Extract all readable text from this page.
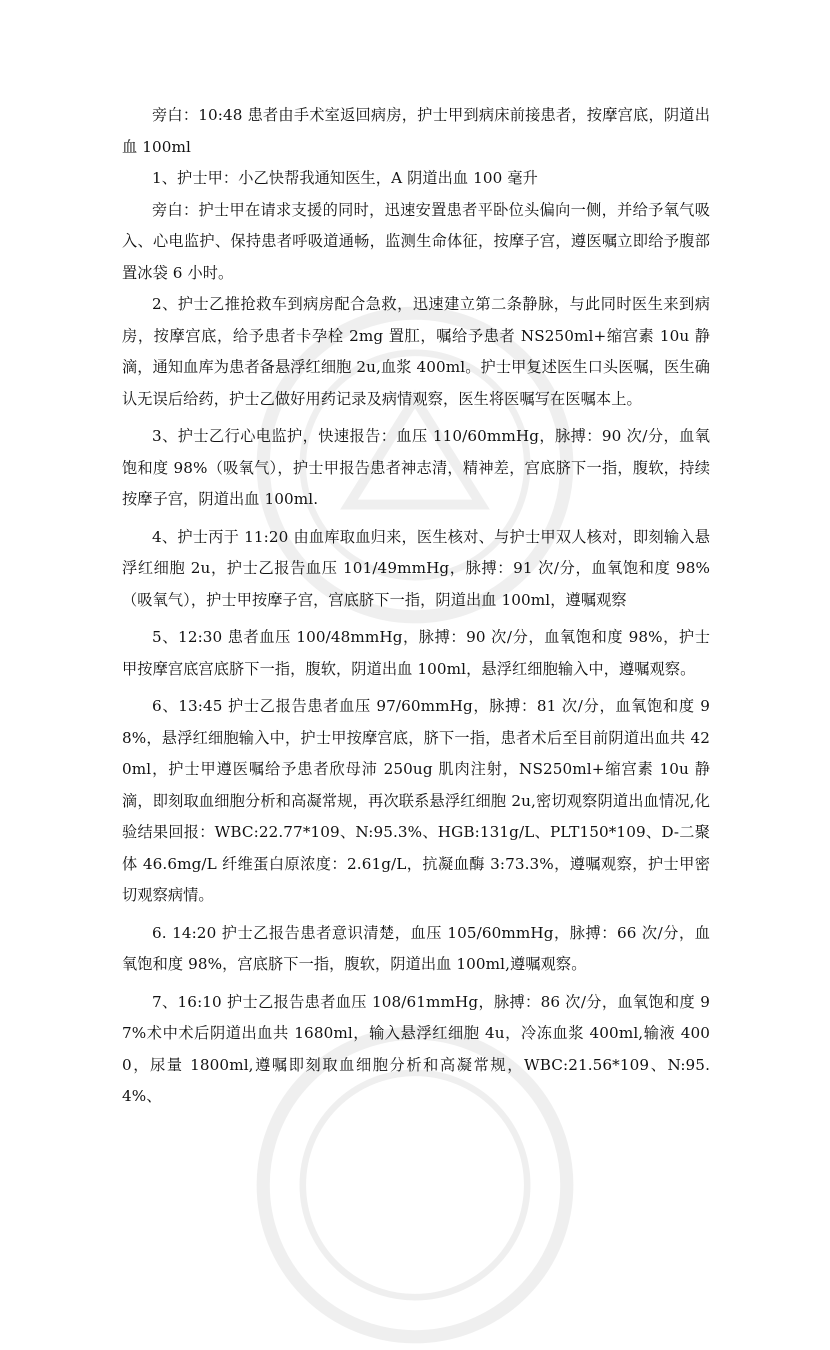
旁白：10:48 患者由手术室返回病房，护士甲到病床前接患者，按摩宫底，阴道出血 100ml

1、护士甲：小乙快帮我通知医生，A 阴道出血 100 毫升

旁白：护士甲在请求支援的同时，迅速安置患者平卧位头偏向一侧，并给予氧气吸入、心电监护、保持患者呼吸道通畅，监测生命体征，按摩子宫，遵医嘱立即给予腹部置冰袋 6 小时。

2、护士乙推抢救车到病房配合急救，迅速建立第二条静脉，与此同时医生来到病房，按摩宫底，给予患者卡孕栓 2mg 置肛，嘱给予患者 NS250ml+缩宫素 10u 静滴，通知血库为患者备悬浮红细胞 2u,血浆 400ml。护士甲复述医生口头医嘱，医生确认无误后给药，护士乙做好用药记录及病情观察，医生将医嘱写在医嘱本上。

3、护士乙行心电监护，快速报告：血压 110/60mmHg，脉搏：90 次/分，血氧饱和度 98%（吸氧气），护士甲报告患者神志清，精神差，宫底脐下一指，腹软，持续按摩子宫，阴道出血 100ml.

4、护士丙于 11:20 由血库取血归来，医生核对、与护士甲双人核对，即刻输入悬浮红细胞 2u，护士乙报告血压 101/49mmHg，脉搏：91 次/分，血氧饱和度 98%（吸氧气），护士甲按摩子宫，宫底脐下一指，阴道出血 100ml，遵嘱观察

5、12:30 患者血压 100/48mmHg，脉搏：90 次/分，血氧饱和度 98%，护士甲按摩宫底宫底脐下一指，腹软，阴道出血 100ml，悬浮红细胞输入中，遵嘱观察。

6、13:45 护士乙报告患者血压 97/60mmHg，脉搏：81 次/分，血氧饱和度 98%，悬浮红细胞输入中，护士甲按摩宫底，脐下一指，患者术后至目前阴道出血共 420ml，护士甲遵医嘱给予患者欣母沛 250ug 肌肉注射，NS250ml+缩宫素 10u 静滴，即刻取血细胞分析和高凝常规，再次联系悬浮红细胞 2u,密切观察阴道出血情况,化验结果回报：WBC:22.77*109、N:95.3%、HGB:131g/L、PLT150*109、D-二聚体 46.6mg/L 纤维蛋白原浓度：2.61g/L，抗凝血酶 3:73.3%，遵嘱观察，护士甲密切观察病情。

6. 14:20 护士乙报告患者意识清楚，血压 105/60mmHg，脉搏：66 次/分，血氧饱和度 98%，宫底脐下一指，腹软，阴道出血 100ml,遵嘱观察。

7、16:10 护士乙报告患者血压 108/61mmHg，脉搏：86 次/分，血氧饱和度 97%术中术后阴道出血共 1680ml，输入悬浮红细胞 4u，冷冻血浆 400ml,输液 4000，尿量 1800ml,遵嘱即刻取血细胞分析和高凝常规，WBC:21.56*109、N:95.4%、
